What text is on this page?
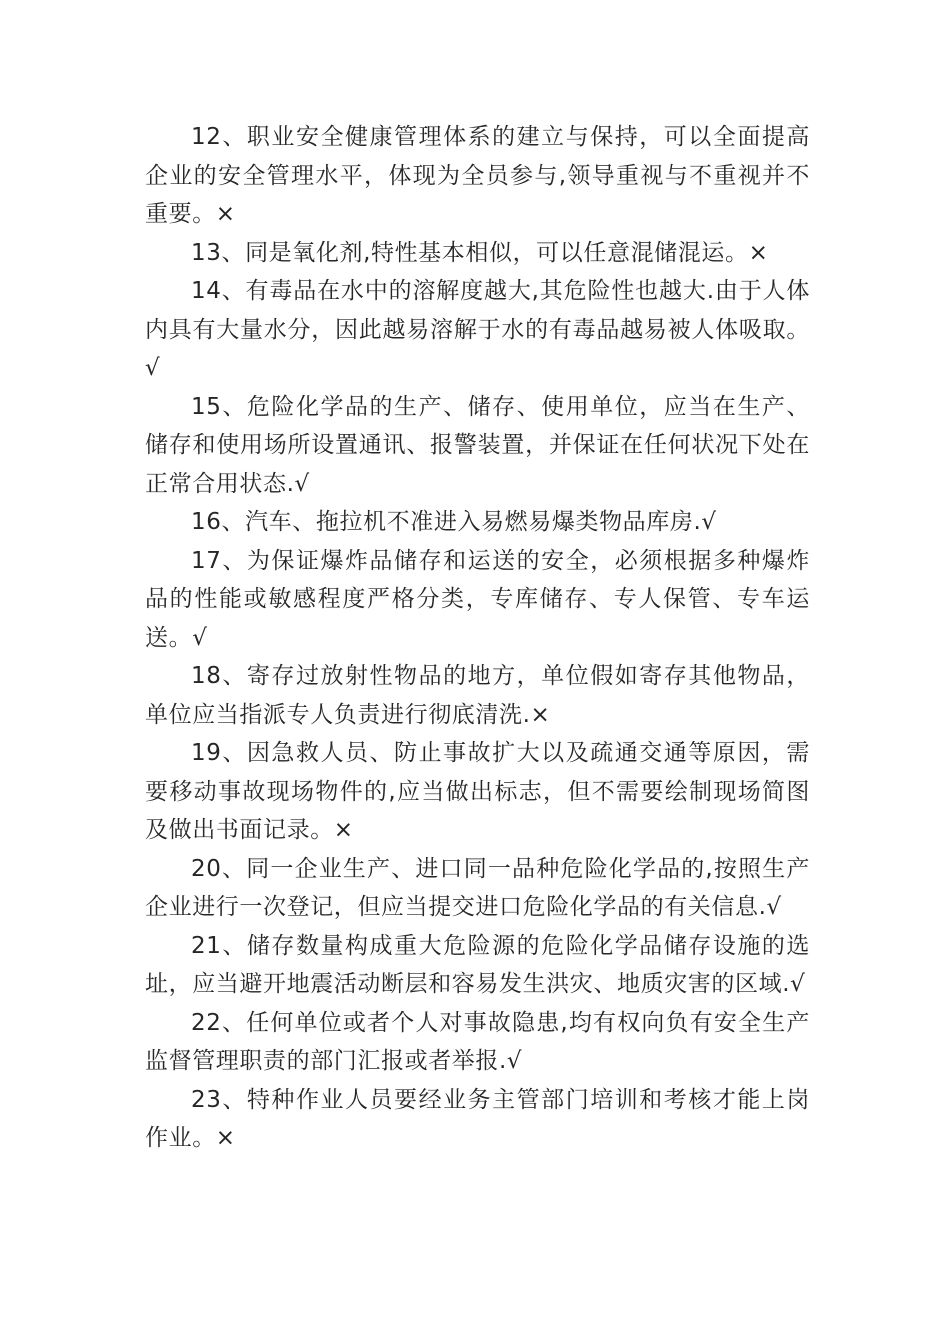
12、职业安全健康管理体系的建立与保持，可以全面提高企业的安全管理水平，体现为全员参与,领导重视与不重视并不重要。×

13、同是氧化剂,特性基本相似，可以任意混储混运。×

14、有毒品在水中的溶解度越大,其危险性也越大.由于人体内具有大量水分，因此越易溶解于水的有毒品越易被人体吸取。√

15、危险化学品的生产、储存、使用单位，应当在生产、储存和使用场所设置通讯、报警装置，并保证在任何状况下处在正常合用状态.√

16、汽车、拖拉机不准进入易燃易爆类物品库房.√

17、为保证爆炸品储存和运送的安全，必须根据多种爆炸品的性能或敏感程度严格分类，专库储存、专人保管、专车运送。√

18、寄存过放射性物品的地方，单位假如寄存其他物品，单位应当指派专人负责进行彻底清洗.×

19、因急救人员、防止事故扩大以及疏通交通等原因，需要移动事故现场物件的,应当做出标志，但不需要绘制现场简图及做出书面记录。×

20、同一企业生产、进口同一品种危险化学品的,按照生产企业进行一次登记，但应当提交进口危险化学品的有关信息.√

21、储存数量构成重大危险源的危险化学品储存设施的选址，应当避开地震活动断层和容易发生洪灾、地质灾害的区域.√

22、任何单位或者个人对事故隐患,均有权向负有安全生产监督管理职责的部门汇报或者举报.√

23、特种作业人员要经业务主管部门培训和考核才能上岗作业。×
